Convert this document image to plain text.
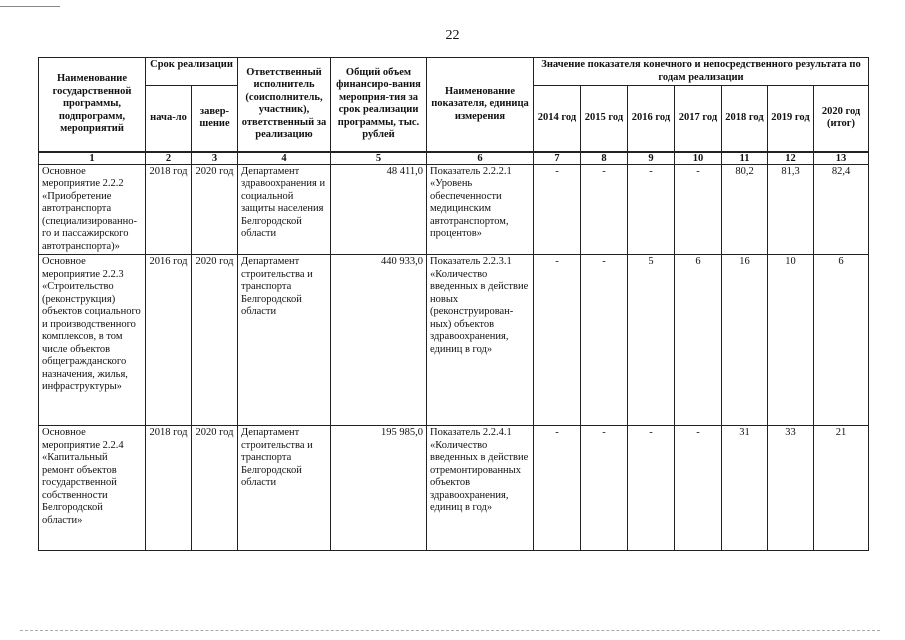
22
Наименование государственной программы, подпрограмм, мероприятий	Срок реализации		Ответственный исполнитель (соисполнитель, участник), ответственный за реализацию	Общий объем финансиро-вания мероприя-тия за срок реализации программы, тыс. рублей	Наименование показателя, единица измерения	Значение показателя конечного и непосредственного результата по годам реализации						
	нача-ло	завер-шение				2014 год	2015 год	2016 год	2017 год	2018 год	2019 год	2020 год (итог)
1	2	3	4	5	6	7	8	9	10	11	12	13
Основное мероприятие 2.2.2 «Приобретение автотранспорта (специализированно-го и пассажирского автотранспорта)»	2018 год	2020 год	Департамент здравоохранения и социальной защиты населения Белгородской области	48 411,0	Показатель 2.2.2.1 «Уровень обеспеченности медицинским автотранспортом, процентов»	-	-	-	-	80,2	81,3	82,4
Основное мероприятие 2.2.3 «Строительство (реконструкция) объектов социального и производственного комплексов, в том числе объектов общегражданского назначения, жилья, инфраструктуры»	2016 год	2020 год	Департамент строительства и транспорта Белгородской области	440 933,0	Показатель 2.2.3.1 «Количество введенных в действие новых (реконструирован-ных) объектов здравоохранения, единиц в год»	-	-	5	6	16	10	6
Основное мероприятие 2.2.4 «Капитальный ремонт объектов государственной собственности Белгородской области»	2018 год	2020 год	Департамент строительства и транспорта Белгородской области	195 985,0	Показатель 2.2.4.1 «Количество введенных в действие отремонтированных объектов здравоохранения, единиц в год»	-	-	-	-	31	33	21
